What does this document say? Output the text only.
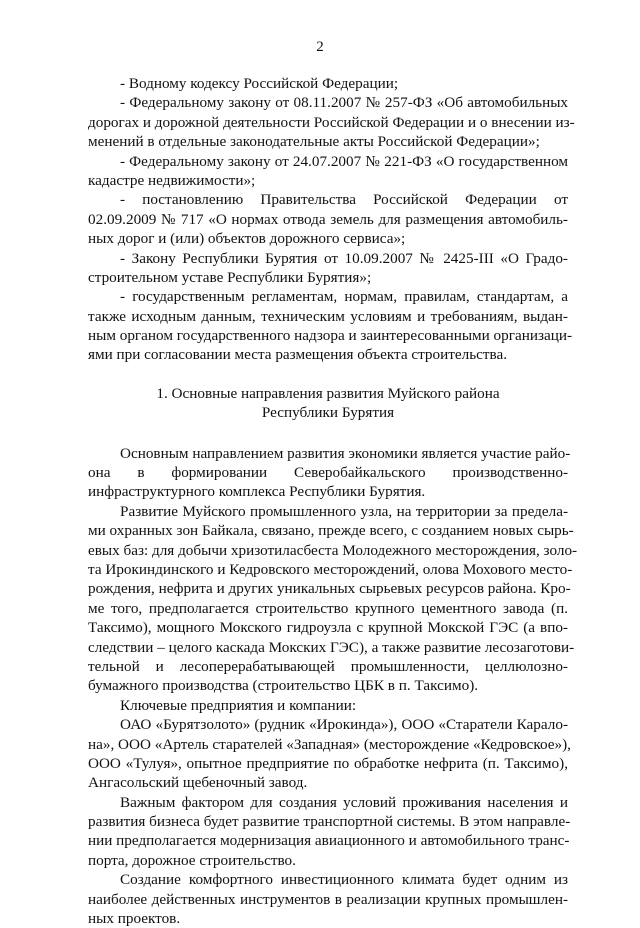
2
- Водному кодексу Российской Федерации;
- Федеральному закону от 08.11.2007 № 257-ФЗ «Об автомобильных
дорогах и дорожной деятельности Российской Федерации и о внесении из-
менений в отдельные законодательные акты Российской Федерации»;
- Федеральному закону от 24.07.2007 № 221-ФЗ «О государственном
кадастре недвижимости»;
- постановлению Правительства Российской Федерации от
02.09.2009 № 717 «О нормах отвода земель для размещения автомобиль-
ных дорог и (или) объектов дорожного сервиса»;
- Закону Республики Бурятия от 10.09.2007 № 2425-III «О Градо-
строительном уставе Республики Бурятия»;
- государственным регламентам, нормам, правилам, стандартам, а
также исходным данным, техническим условиям и требованиям, выдан-
ным органом государственного надзора и заинтересованными организаци-
ями при согласовании места размещения объекта строительства.
1. Основные направления развития Муйского района
Республики Бурятия
Основным направлением развития экономики является участие райо-
она в формировании Северобайкальского производственно-
инфраструктурного комплекса Республики Бурятия.
Развитие Муйского промышленного узла, на территории за предела-
ми охранных зон Байкала, связано, прежде всего, с созданием новых сырь-
евых баз: для добычи хризотиласбеста Молодежного месторождения, золо-
та Ирокиндинского и Кедровского месторождений, олова Мохового место-
рождения, нефрита и других уникальных сырьевых ресурсов района. Кро-
ме того, предполагается строительство крупного цементного завода (п.
Таксимо), мощного Мокского гидроузла с крупной Мокской ГЭС (а впо-
следствии – целого каскада Мокских ГЭС), а также развитие лесозаготови-
тельной и лесоперерабатывающей промышленности, целлюлозно-
бумажного производства (строительство ЦБК в п. Таксимо).
Ключевые предприятия и компании:
ОАО «Бурятзолото» (рудник «Ирокинда»), ООО «Старатели Карало-
на», ООО «Артель старателей «Западная» (месторождение «Кедровское»),
ООО «Тулуя», опытное предприятие по обработке нефрита (п. Таксимо),
Ангасольский щебеночный завод.
Важным фактором для создания условий проживания населения и
развития бизнеса будет развитие транспортной системы. В этом направле-
нии предполагается модернизация авиационного и автомобильного транс-
порта, дорожное строительство.
Создание комфортного инвестиционного климата будет одним из
наиболее действенных инструментов в реализации крупных промышлен-
ных проектов.
